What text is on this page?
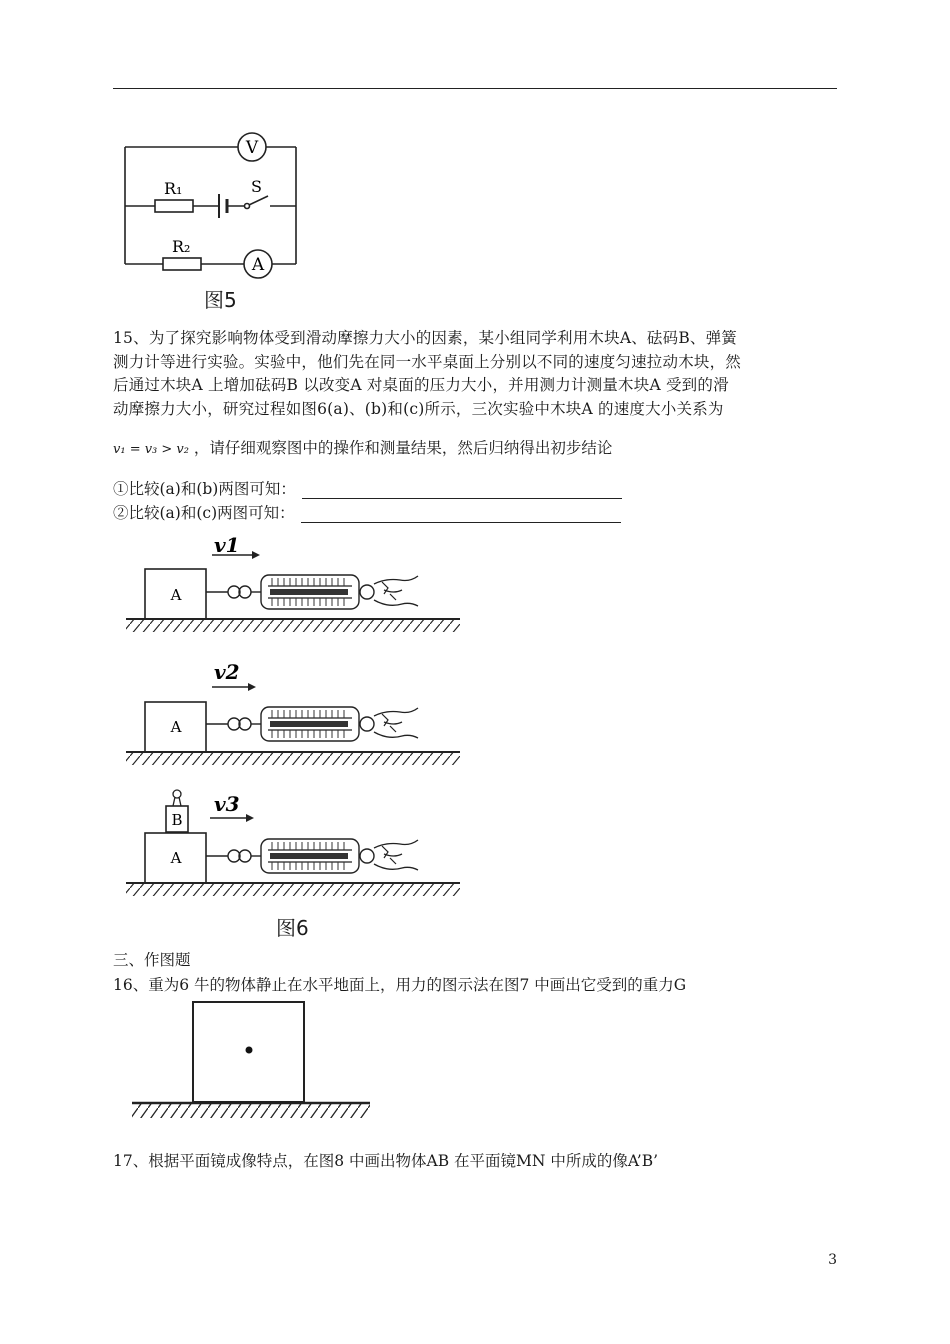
V
A
R₁
R₂
S
图5
15、为了探究影响物体受到滑动摩擦力大小的因素，某小组同学利用木块A、砝码B、弹簧
测力计等进行实验。实验中，他们先在同一水平桌面上分别以不同的速度匀速拉动木块，然
后通过木块A 上增加砝码B 以改变A 对桌面的压力大小，并用测力计测量木块A 受到的滑
动摩擦力大小，研究过程如图6(a)、(b)和(c)所示，三次实验中木块A 的速度大小关系为
v₁ = v₃ > v₂ ，请仔细观察图中的操作和测量结果，然后归纳得出初步结论
①比较(a)和(b)两图可知：
②比较(a)和(c)两图可知：
v1
A
v2
A
B
v3
A
图6
三、作图题
16、重为6 牛的物体静止在水平地面上，用力的图示法在图7 中画出它受到的重力G
17、根据平面镜成像特点，在图8 中画出物体AB 在平面镜MN 中所成的像A’B’
3
